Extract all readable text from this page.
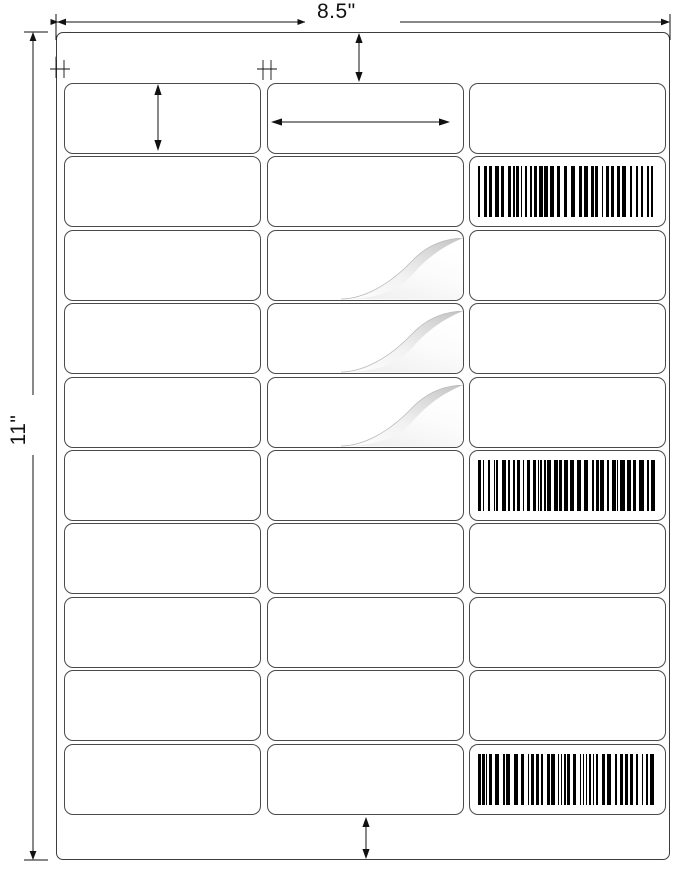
8.5"
11"
